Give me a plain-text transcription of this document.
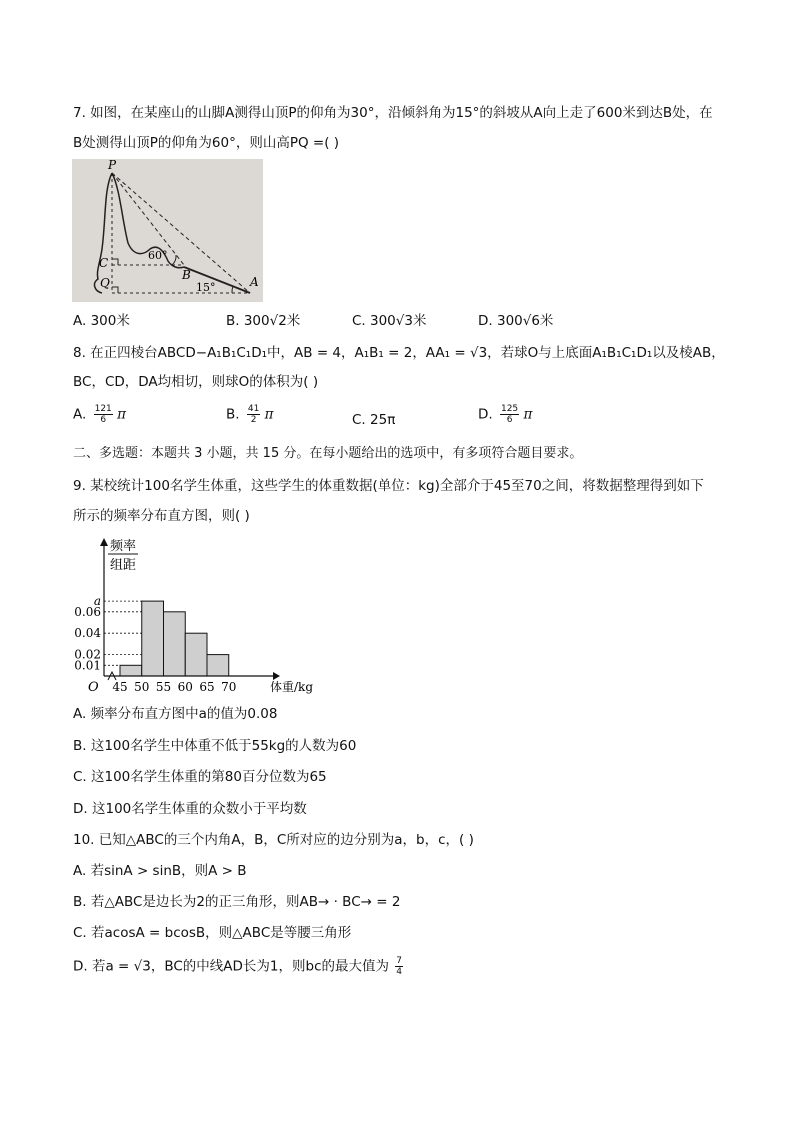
7. 如图，在某座山的山脚A测得山顶P的仰角为30°，沿倾斜角为15°的斜坡从A向上走了600米到达B处，在
B处测得山顶P的仰角为60°，则山高PQ =( )
P
C
Q
B	A
60°
15°
A. 300米	B. 300√2米	C. 300√3米	D. 300√6米
8. 在正四棱台ABCD−A₁B₁C₁D₁中，AB = 4，A₁B₁ = 2，AA₁ = √3，若球O与上底面A₁B₁C₁D₁以及棱AB，
BC，CD，DA均相切，则球O的体积为( )
A. $\frac{121}{6}$ π	B. $\frac{41}{2}$ π	C. 25π	D. $\frac{125}{6}$ π
二、多选题：本题共 3 小题，共 15 分。在每小题给出的选项中，有多项符合题目要求。
9. 某校统计100名学生体重，这些学生的体重数据(单位：kg)全部介于45至70之间，将数据整理得到如下
所示的频率分布直方图，则( )
频率
组距
O	体重/kg
0.01
0.02
0.04
0.06
a
45 50 55 60 65 70
A. 频率分布直方图中a的值为0.08
B. 这100名学生中体重不低于55kg的人数为60
C. 这100名学生体重的第80百分位数为65
D. 这100名学生体重的众数小于平均数
10. 已知△ABC的三个内角A，B，C所对应的边分别为a，b，c，( )
A. 若sinA > sinB，则A > B
B. 若△ABC是边长为2的正三角形，则AB→ · BC→ = 2
C. 若acosA = bcosB，则△ABC是等腰三角形
D. 若a = √3，BC的中线AD长为1，则bc的最大值为 $\frac{7}{4}$
